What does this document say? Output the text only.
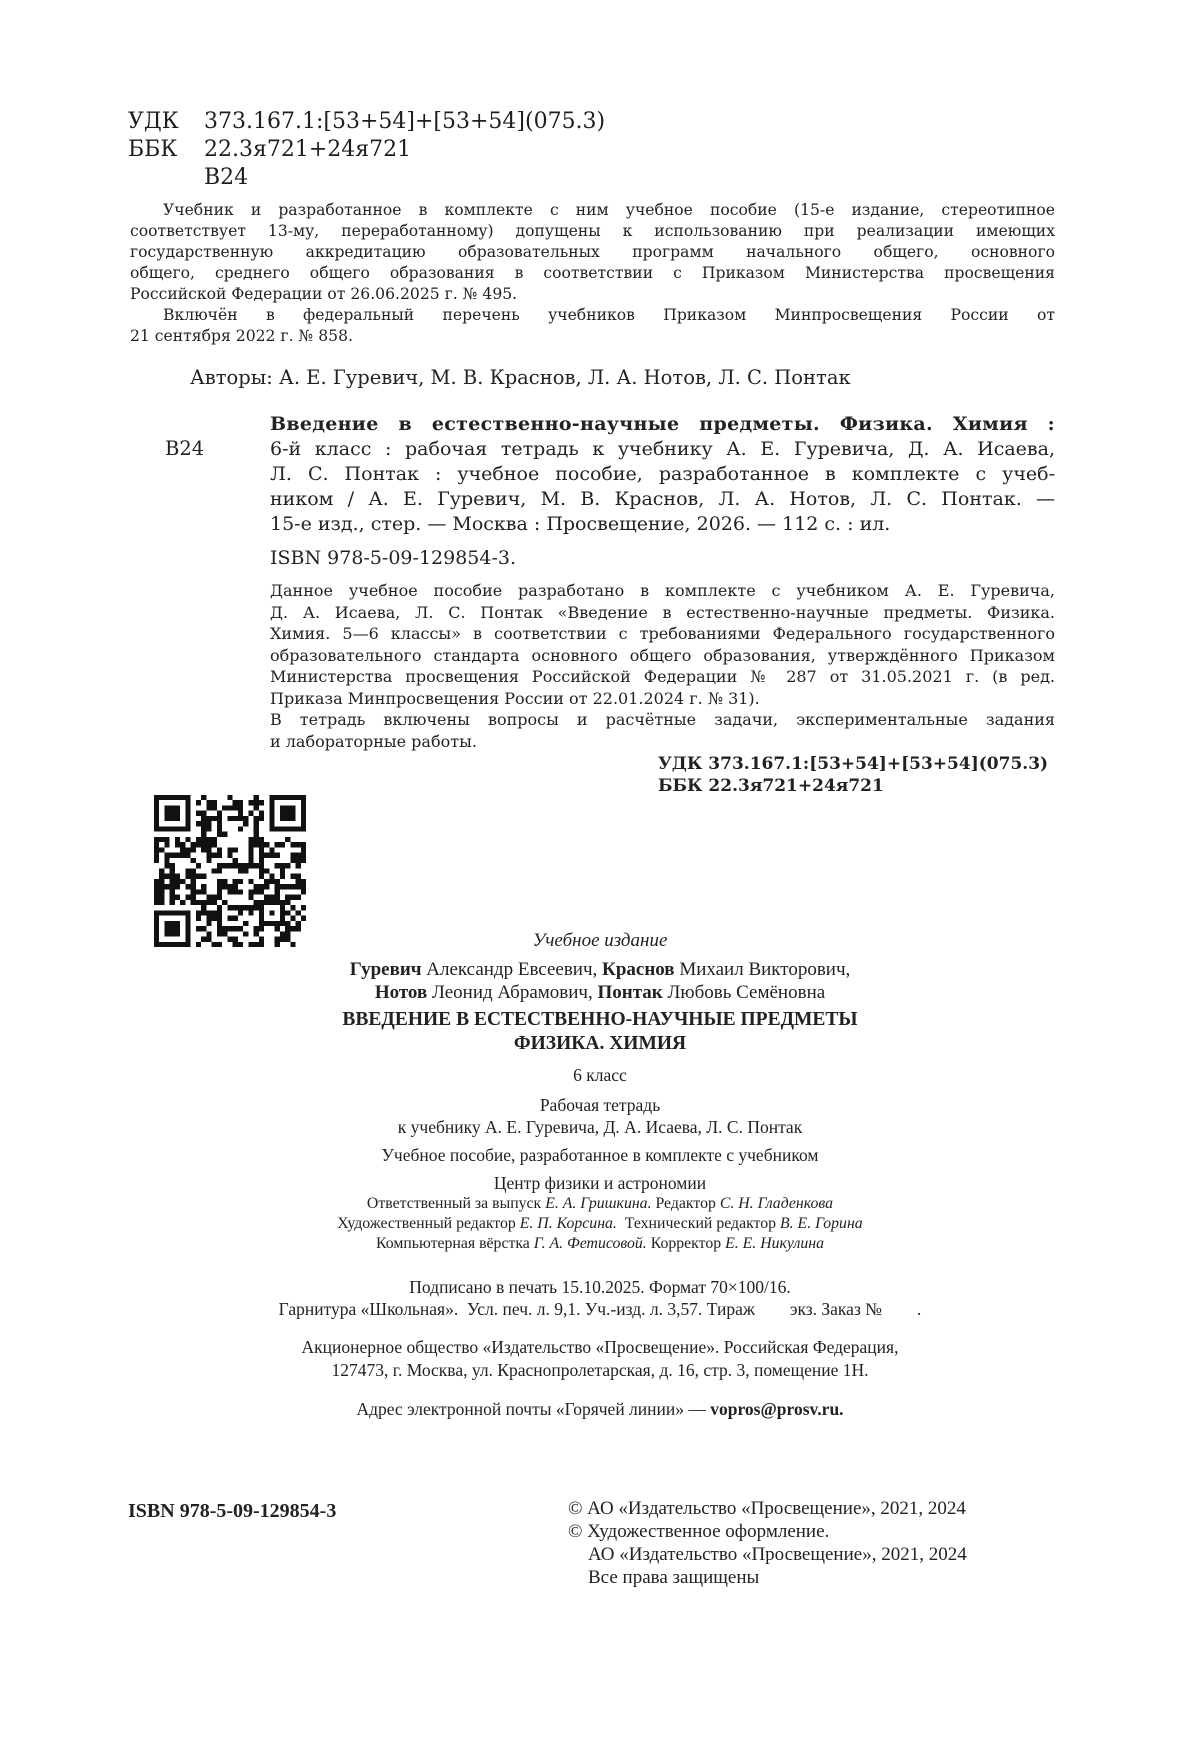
УДК	373.167.1:[53+54]+[53+54](075.3)
ББК	22.3я721+24я721
В24
Учебник и разработанное в комплекте с ним учебное пособие (15-е издание, стереотипное
соответствует 13-му, переработанному) допущены к использованию при реализации имеющих
государственную аккредитацию образовательных программ начального общего, основного
общего, среднего общего образования в соответствии с Приказом Министерства просвещения
Российской Федерации от 26.06.2025 г. № 495.
Включён в федеральный перечень учебников Приказом Минпросвещения России от
21 сентября 2022 г. № 858.
Авторы: А. Е. Гуревич, М. В. Краснов, Л. А. Нотов, Л. С. Понтак
В24
Введение в естественно-научные предметы. Физика. Химия :
6-й класс : рабочая тетрадь к учебнику А. Е. Гуревича, Д. А. Исаева,
Л. С. Понтак : учебное пособие, разработанное в комплекте с учеб-
ником / А. Е. Гуревич, М. В. Краснов, Л. А. Нотов, Л. С. Понтак. —
15-е изд., стер. — Москва : Просвещение, 2026. — 112 с. : ил.
ISBN 978-5-09-129854-3.
Данное учебное пособие разработано в комплекте с учебником А. Е. Гуревича,
Д. А. Исаева, Л. С. Понтак «Введение в естественно-научные предметы. Физика.
Химия. 5—6 классы» в соответствии с требованиями Федерального государственного
образовательного стандарта основного общего образования, утверждённого Приказом
Министерства просвещения Российской Федерации № 287 от 31.05.2021 г. (в ред.
Приказа Минпросвещения России от 22.01.2024 г. № 31).
В тетрадь включены вопросы и расчётные задачи, экспериментальные задания
и лабораторные работы.
УДК 373.167.1:[53+54]+[53+54](075.3)
ББК 22.3я721+24я721
Учебное издание
Гуревич Александр Евсеевич, Краснов Михаил Викторович,
Нотов Леонид Абрамович, Понтак Любовь Семёновна
ВВЕДЕНИЕ В ЕСТЕСТВЕННО-НАУЧНЫЕ ПРЕДМЕТЫ
ФИЗИКА. ХИМИЯ
6 класс
Рабочая тетрадь
к учебнику А. Е. Гуревича, Д. А. Исаева, Л. С. Понтак
Учебное пособие, разработанное в комплекте с учебником
Центр физики и астрономии
Ответственный за выпуск Е. А. Гришкина. Редактор С. Н. Гладенкова
Художественный редактор Е. П. Корсина.  Технический редактор В. Е. Горина
Компьютерная вёрстка Г. А. Фетисовой. Корректор Е. Е. Никулина
Подписано в печать 15.10.2025. Формат 70×100/16.
Гарнитура «Школьная».  Усл. печ. л. 9,1. Уч.-изд. л. 3,57. Тираж        экз. Заказ №        .
Акционерное общество «Издательство «Просвещение». Российская Федерация,
127473, г. Москва, ул. Краснопролетарская, д. 16, стр. 3, помещение 1Н.
Адрес электронной почты «Горячей линии» — vopros@prosv.ru.
ISBN 978-5-09-129854-3	© АО «Издательство «Просвещение», 2021, 2024
© Художественное оформление.
АО «Издательство «Просвещение», 2021, 2024
Все права защищены
